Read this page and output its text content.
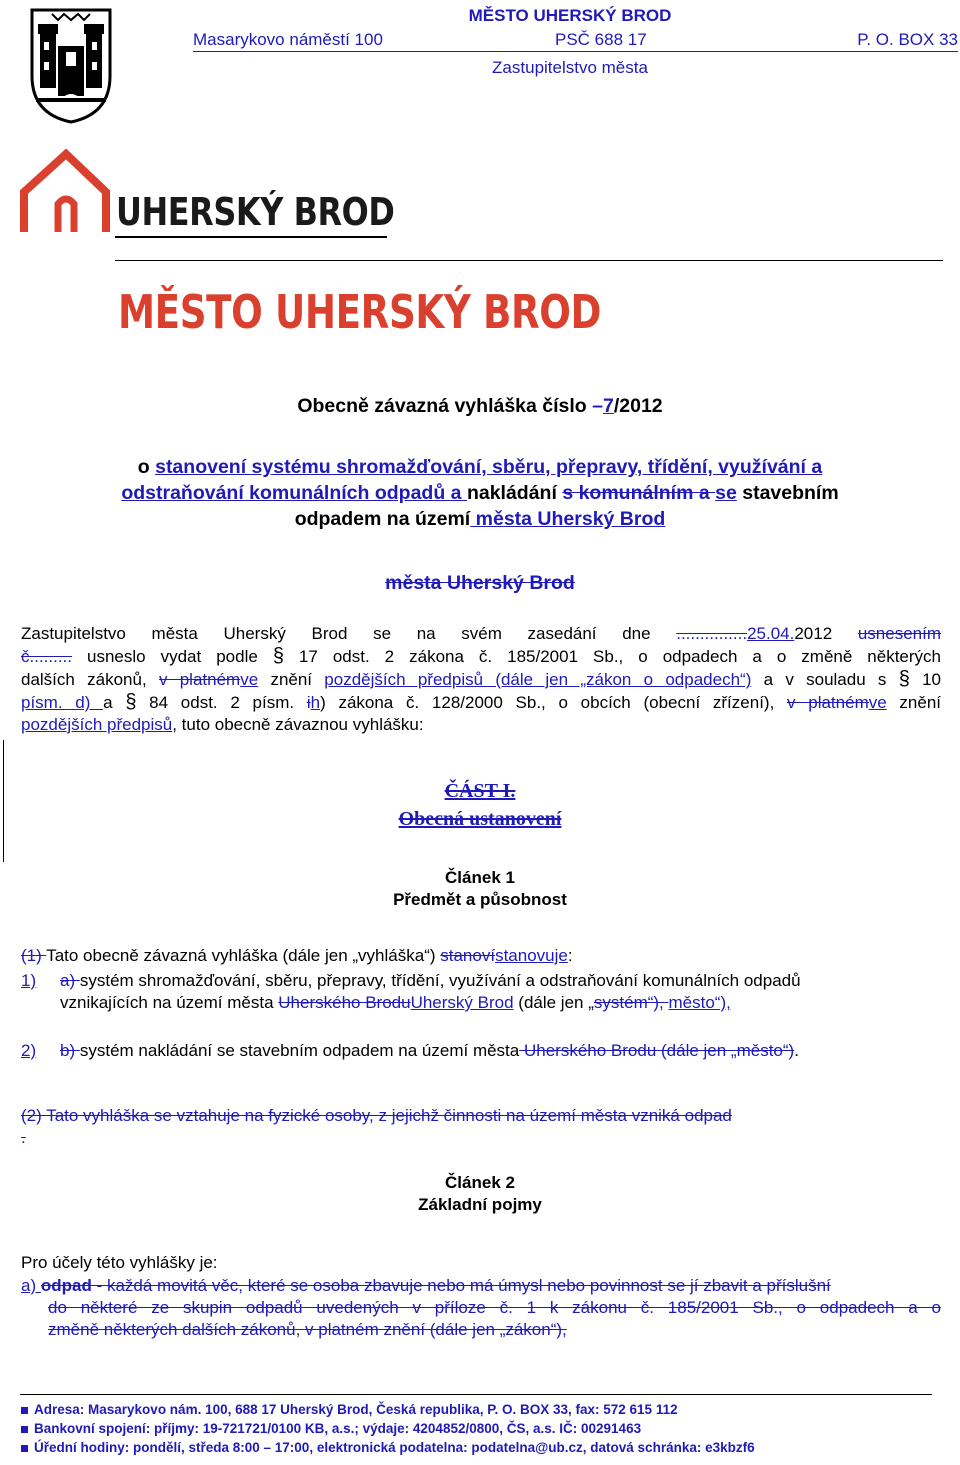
MĚSTO UHERSKÝ BROD
Masarykovo náměstí 100	PSČ 688 17	P. O. BOX 33
Zastupitelstvo města
UHERSKÝ BROD
MĚSTO UHERSKÝ BROD
Obecně závazná vyhláška číslo –7/2012
o stanovení systému shromažďování, sběru, přepravy, třídění, využívání a
odstraňování komunálních odpadů a nakládání s komunálním a se stavebním
odpadem na území města Uherský Brod
města Uherský Brod
Zastupitelstvo města Uherský Brod se na svém zasedání dne ...............25.04.2012 usnesením
č......... usneslo vydat podle § 17 odst. 2 zákona č. 185/2001 Sb., o odpadech a o změně některých
dalších zákonů, v platnémve znění pozdějších předpisů (dále jen „zákon o odpadech“) a v souladu s § 10
písm. d) a § 84 odst. 2 písm. ih) zákona č. 128/2000 Sb., o obcích (obecní zřízení), v platnémve znění
pozdějších předpisů, tuto obecně závaznou vyhlášku:
ČÁST I.
Obecná ustanovení
Článek 1
Předmět a působnost
(1) Tato obecně závazná vyhláška (dále jen „vyhláška“) stanovístanovuje:
1) a) systém shromažďování, sběru, přepravy, třídění, využívání a odstraňování komunálních odpadů
vznikajících na území města Uherského BroduUherský Brod (dále jen „systém“), město“),
2) b) systém nakládání se stavebním odpadem na území města Uherského Brodu (dále jen „město“).
(2) Tato vyhláška se vztahuje na fyzické osoby, z jejichž činnosti na území města vzniká odpad
.
Článek 2
Základní pojmy
Pro účely této vyhlášky je:
a) odpad - každá movitá věc, které se osoba zbavuje nebo má úmysl nebo povinnost se jí zbavit a příslušní
do některé ze skupin odpadů uvedených v příloze č. 1 k zákonu č. 185/2001 Sb., o odpadech a o
změně některých dalších zákonů, v platném znění (dále jen „zákon“),
Adresa: Masarykovo nám. 100, 688 17 Uherský Brod, Česká republika, P. O. BOX 33, fax: 572 615 112
Bankovní spojení: příjmy: 19-721721/0100 KB, a.s.; výdaje: 4204852/0800, ČS, a.s. IČ: 00291463
Úřední hodiny: pondělí, středa 8:00 – 17:00, elektronická podatelna: podatelna@ub.cz, datová schránka: e3kbzf6
